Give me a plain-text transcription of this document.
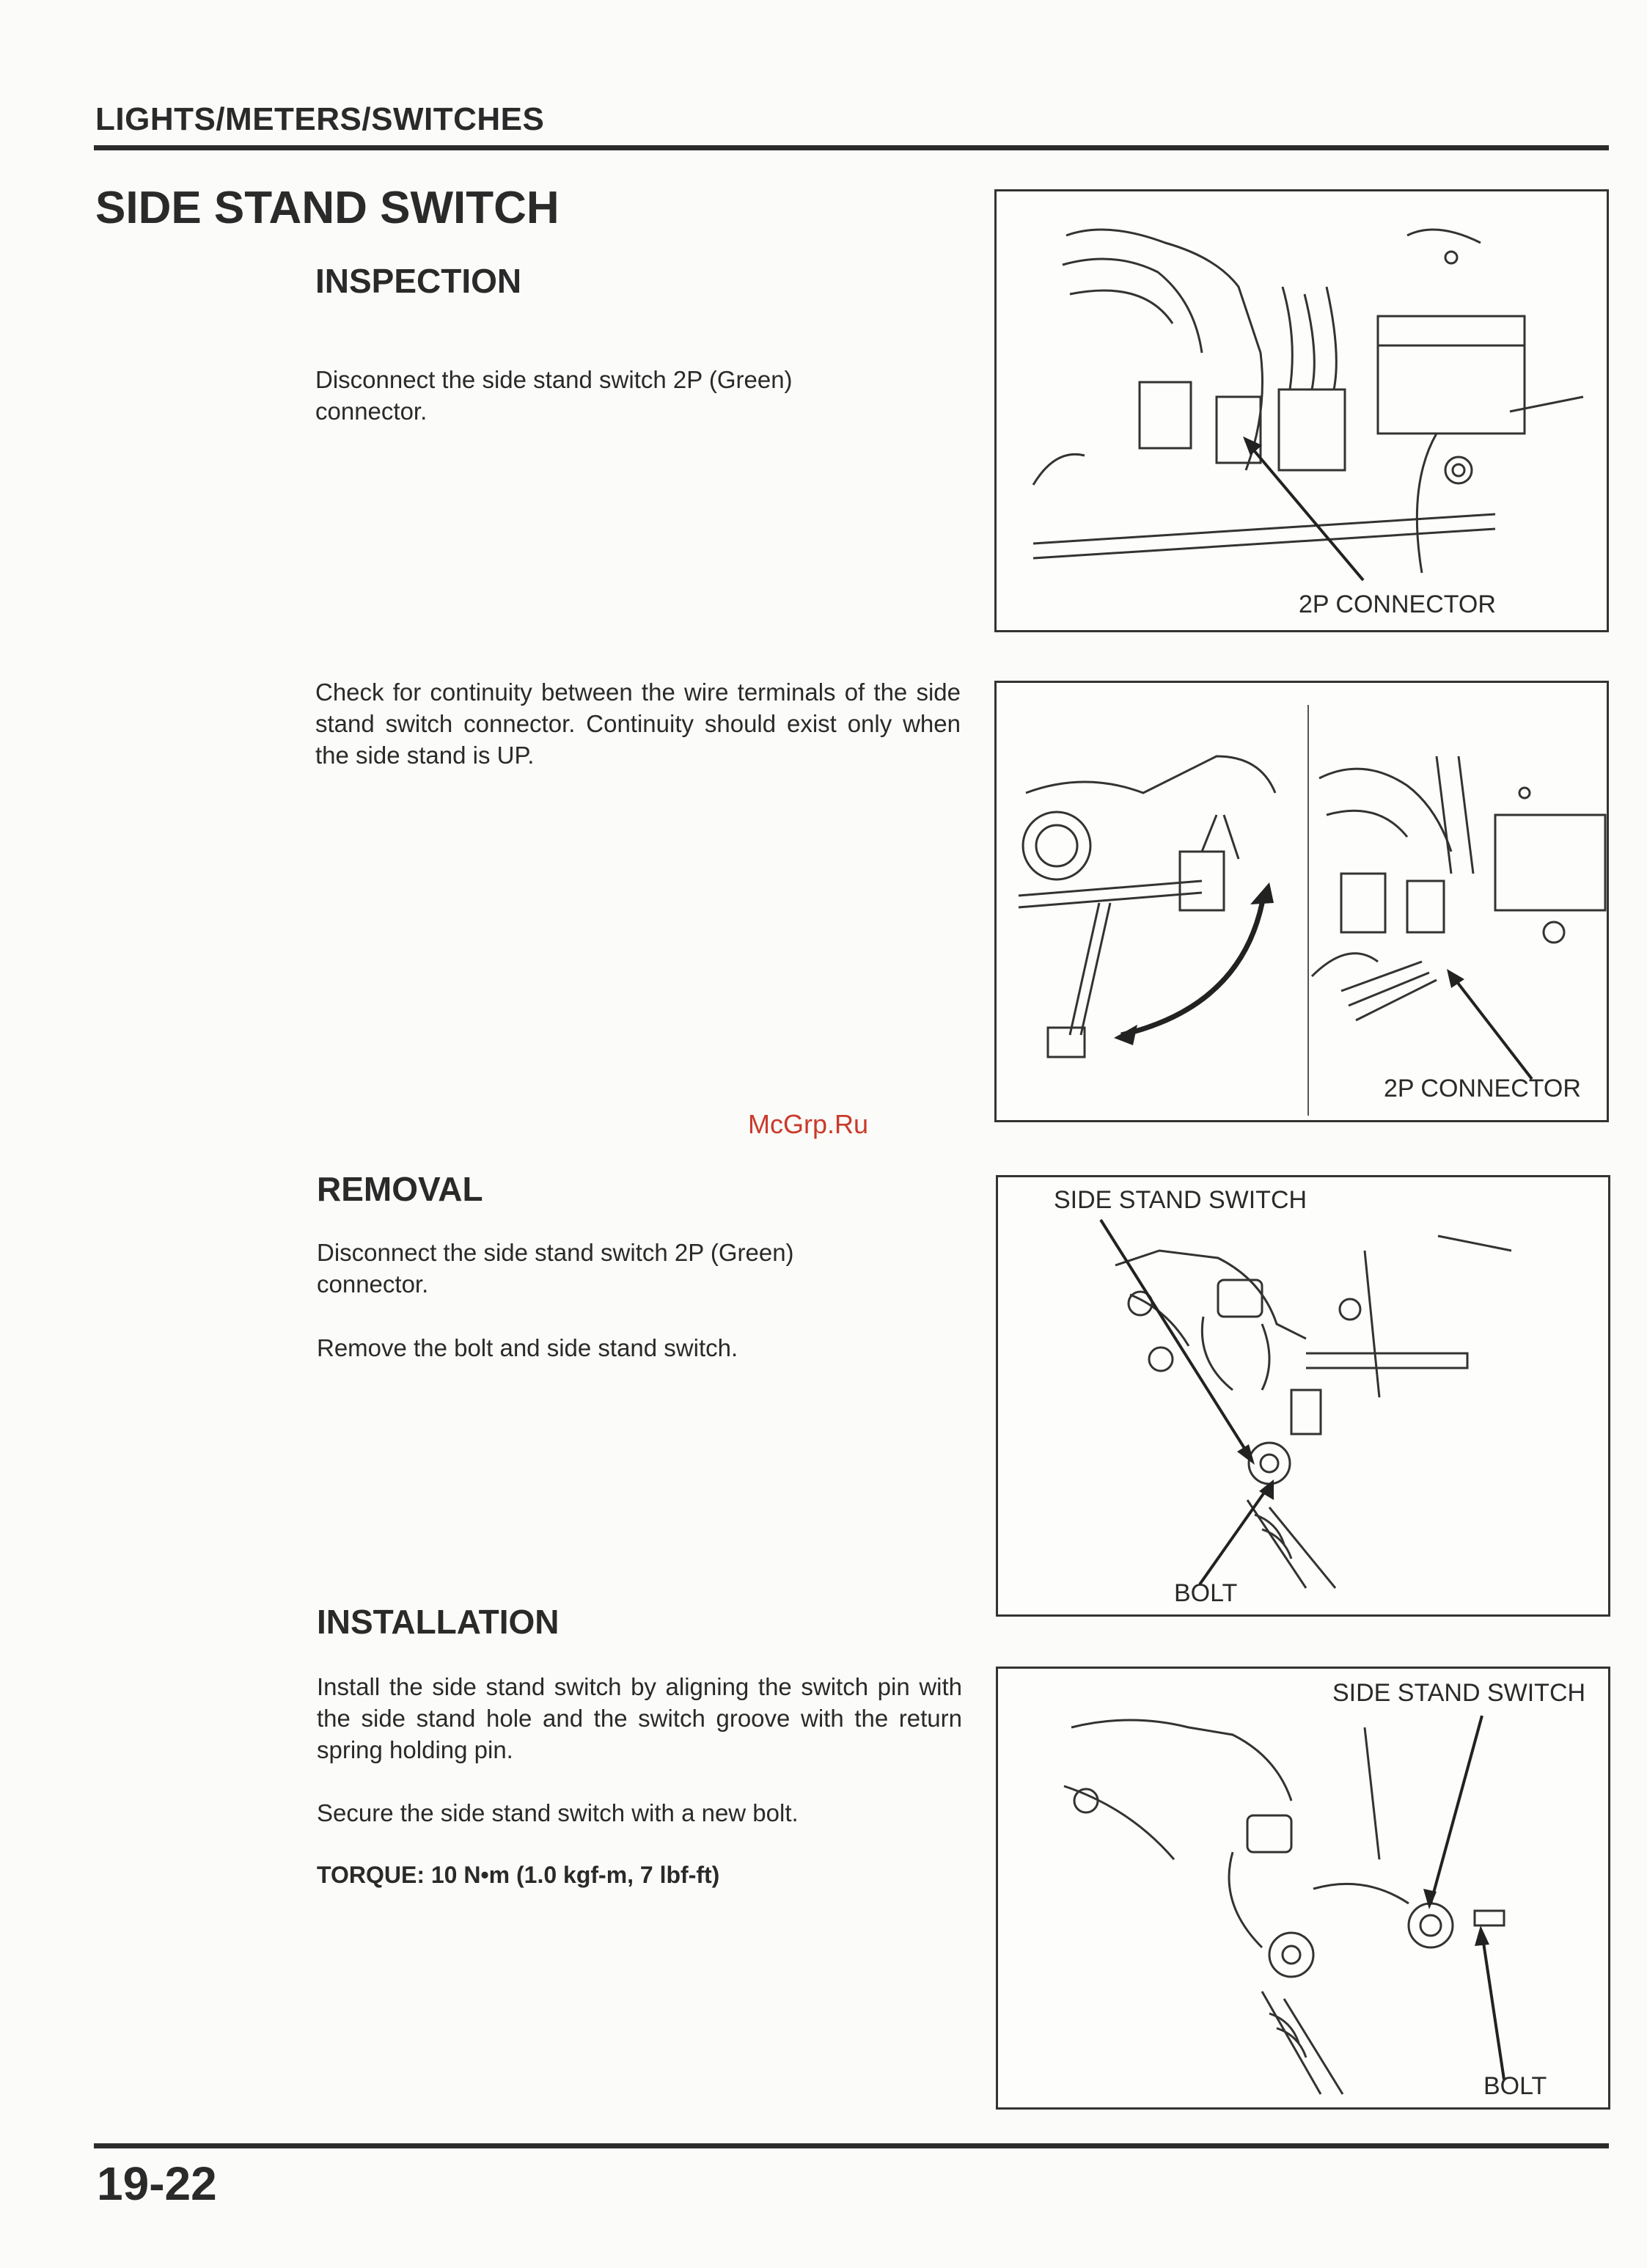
LIGHTS/METERS/SWITCHES
SIDE STAND SWITCH
INSPECTION
Disconnect the side stand switch 2P (Green) connector.
Check for continuity between the wire terminals of the side stand switch connector. Continuity should exist only when the side stand is UP.
REMOVAL
Disconnect the side stand switch 2P (Green) connector.
Remove the bolt and side stand switch.
INSTALLATION
Install the side stand switch by aligning the switch pin with the side stand hole and the switch groove with the return spring holding pin.
Secure the side stand switch with a new bolt.
TORQUE: 10 N•m (1.0 kgf-m, 7 lbf-ft)
McGrp.Ru
2P CONNECTOR
2P CONNECTOR
SIDE STAND SWITCH
BOLT
SIDE STAND SWITCH
BOLT
19-22
